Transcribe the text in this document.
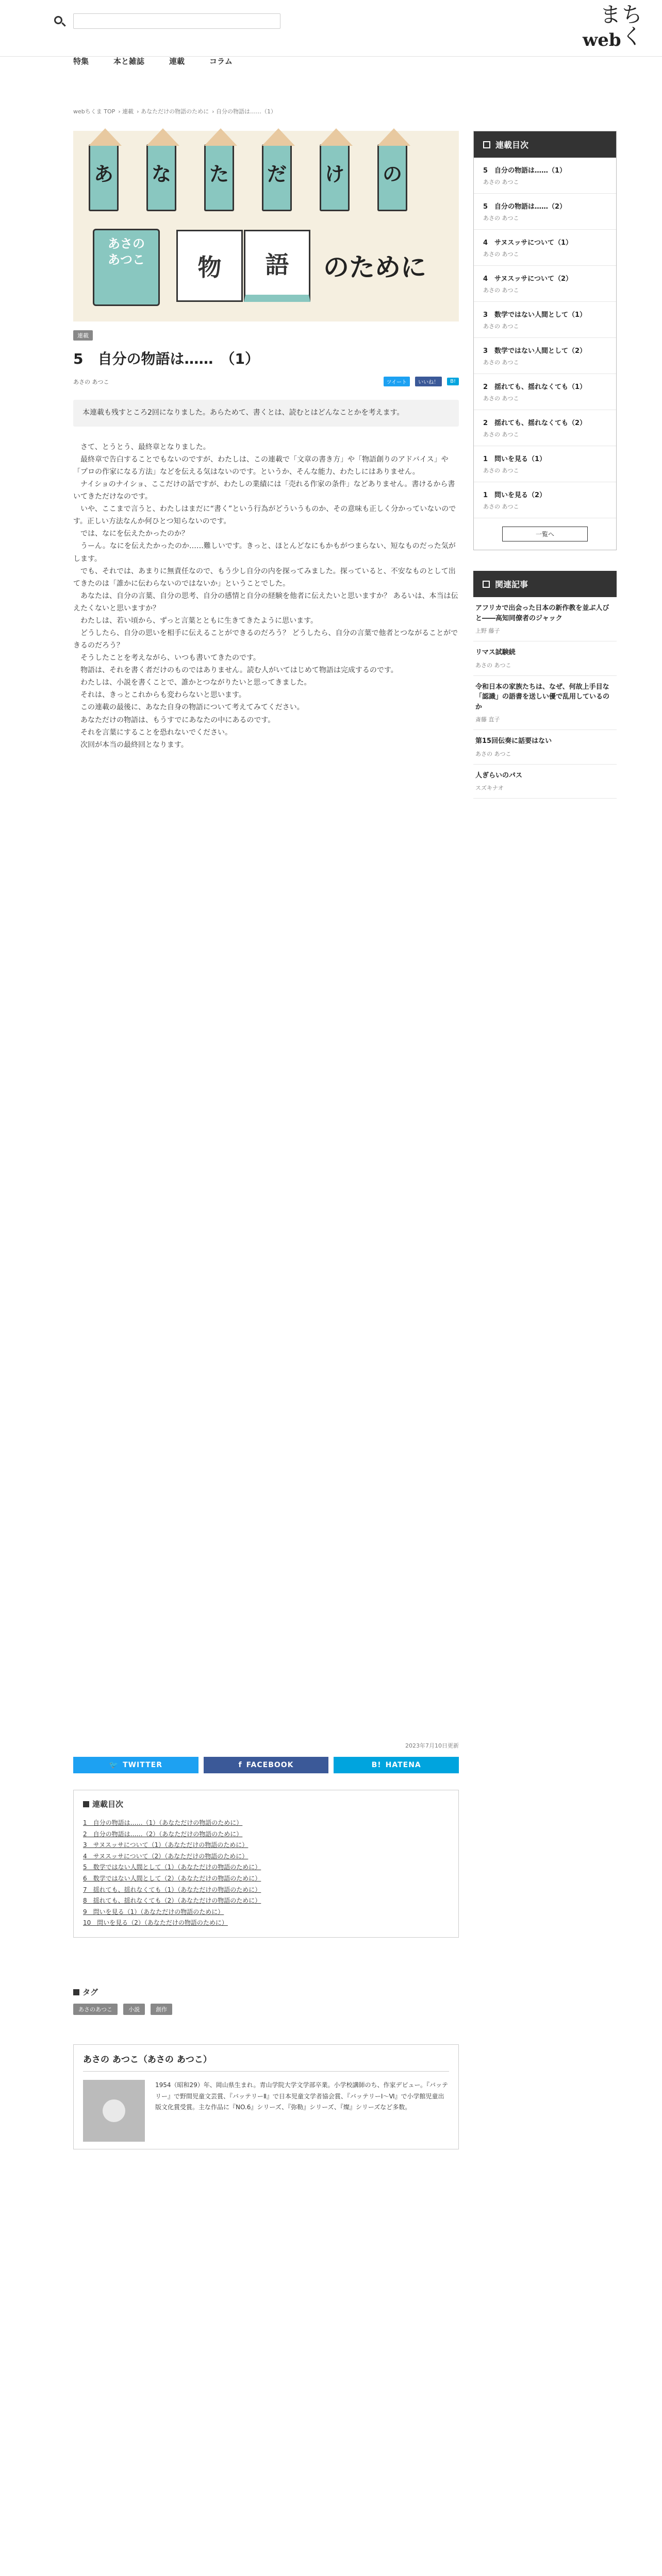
特集	本と雑誌	連載	コラム
ちくま
web
webちくま TOP › 連載 › あなただけの物語のために › 自分の物語は……（1）
あ な た だ け の
あさの
あつこ	物	語	のために
連載
5　自分の物語は……　（1）
あさの あつこ	ツイート	いいね！	B!
本連載も残すところ2回になりました。あらためて、書くとは、読むとはどんなことかを考えます。

さて、とうとう、最終章となりました。

最終章で告白することでもないのですが、わたしは、この連載で「文章の書き方」や「物語創りのアドバイス」や「プロの作家になる方法」などを伝える気はないのです。というか、そんな能力、わたしにはありません。

ナイショのナイショ、ここだけの話ですが、わたしの業績には「売れる作家の条件」などありません。書けるから書いてきただけなのです。

いや、ここまで言うと、わたしはまだに“書く”という行為がどういうものか、その意味も正しく分かっていないのです。正しい方法なんか何ひとつ知らないのです。

では、なにを伝えたかったのか？

うーん。なにを伝えたかったのか……難しいです。きっと、ほとんどなにもかもがつまらない、短なものだった気がします。

でも、それでは、あまりに無責任なので、もう少し自分の内を探ってみました。探っていると、不安なものとして出てきたのは「誰かに伝わらないのではないか」ということでした。

あなたは、自分の言葉、自分の思考、自分の感情と自分の経験を他者に伝えたいと思いますか？ あるいは、本当は伝えたくないと思いますか？

わたしは、若い頃から、ずっと言葉とともに生きてきたように思います。

どうしたら、自分の思いを相手に伝えることができるのだろう？ どうしたら、自分の言葉で他者とつながることができるのだろう？

そうしたことを考えながら、いつも書いてきたのです。

物語は、それを書く者だけのものではありません。読む人がいてはじめて物語は完成するのです。

わたしは、小説を書くことで、誰かとつながりたいと思ってきました。

それは、きっとこれからも変わらないと思います。

この連載の最後に、あなた自身の物語について考えてみてください。

あなただけの物語は、もうすでにあなたの中にあるのです。

それを言葉にすることを恐れないでください。

次回が本当の最終回となります。

2023年7月10日更新
🐦 TWITTER	f FACEBOOK	B! HATENA
連載目次
1　自分の物語は……（1）（あなただけの物語のために）
2　自分の物語は……（2）（あなただけの物語のために）
3　サヌスッサについて（1）（あなただけの物語のために）
4　サヌスッサについて（2）（あなただけの物語のために）
5　数学ではない人間として（1）（あなただけの物語のために）
6　数学ではない人間として（2）（あなただけの物語のために）
7　揺れても、揺れなくても（1）（あなただけの物語のために）
8　揺れても、揺れなくても（2）（あなただけの物語のために）
9　問いを見る（1）（あなただけの物語のために）
10　問いを見る（2）（あなただけの物語のために）
タグ
あさのあつこ	小説	創作
あさの あつこ（あさの あつこ）

1954（昭和29）年、岡山県生まれ。青山学院大学文学部卒業。小学校講師のち、作家デビュー。『バッテリー』で野間児童文芸賞、『バッテリーⅡ』で日本児童文学者協会賞、『バッテリーⅠ〜Ⅵ』で小学館児童出版文化賞受賞。主な作品に『NO.6』シリーズ、『弥勒』シリーズ、『燦』シリーズなど多数。

連載目次
5　自分の物語は……（1）
あさの あつこ
5　自分の物語は……（2）
あさの あつこ
4　サヌスッサについて（1）
あさの あつこ
4　サヌスッサについて（2）
あさの あつこ
3　数学ではない人間として（1）
あさの あつこ
3　数学ではない人間として（2）
あさの あつこ
2　揺れても、揺れなくても（1）
あさの あつこ
2　揺れても、揺れなくても（2）
あさの あつこ
1　問いを見る（1）
あさの あつこ
1　問いを見る（2）
あさの あつこ
一覧へ
関連記事
アフリカで出会った日本の新作教を並ぶ人びと――高知同僚者のジャック
上野 藤子
リマス試験続
あさの あつこ
令和日本の家族たちは、なぜ、何故上手目な「認識」の語書を送しい優で乱用しているのか
斎藤 直子
第15回伝奏に話要はない
あさの あつこ
人ぎらいのパス
スズキナオ
